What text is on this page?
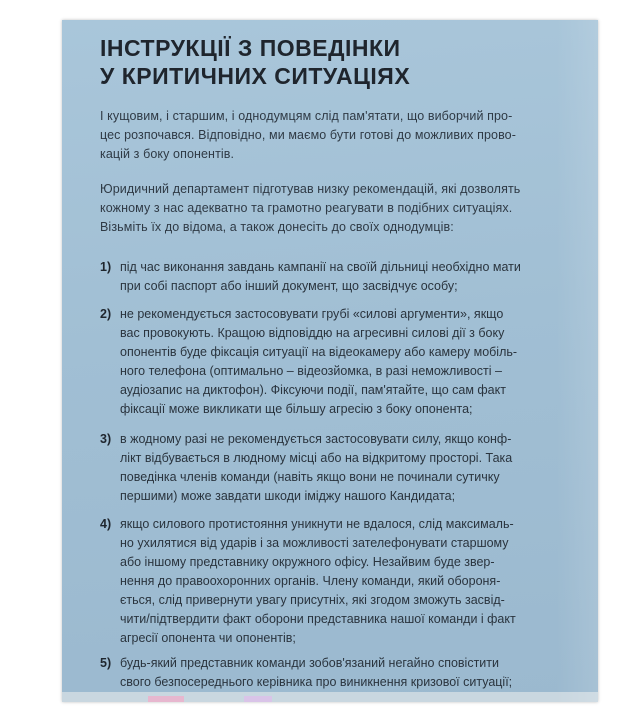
ІНСТРУКЦІЇ З ПОВЕДІНКИ
У КРИТИЧНИХ СИТУАЦІЯХ
І кущовим, і старшим, і однодумцям слід пам'ятати, що виборчий про-
цес розпочався. Відповідно, ми маємо бути готові до можливих прово-
кацій з боку опонентів.
Юридичний департамент підготував низку рекомендацій, які дозволять
кожному з нас адекватно та грамотно реагувати в подібних ситуаціях.
Візьміть їх до відома, а також донесіть до своїх однодумців:
1) під час виконання завдань кампанії на своїй дільниці необхідно мати
при собі паспорт або інший документ, що засвідчує особу;
2) не рекомендується застосовувати грубі «силові аргументи», якщо
вас провокують. Кращою відповіддю на агресивні силові дії з боку
опонентів буде фіксація ситуації на відеокамеру або камеру мобіль-
ного телефона (оптимально – відеозйомка, в разі неможливості –
аудіозапис на диктофон). Фіксуючи події, пам'ятайте, що сам факт
фіксації може викликати ще більшу агресію з боку опонента;
3) в жодному разі не рекомендується застосовувати силу, якщо конф-
лікт відбувається в людному місці або на відкритому просторі. Така
поведінка членів команди (навіть якщо вони не починали сутичку
першими) може завдати шкоди іміджу нашого Кандидата;
4) якщо силового протистояння уникнути не вдалося, слід максималь-
но ухилятися від ударів і за можливості зателефонувати старшому
або іншому представнику окружного офісу. Незайвим буде звер-
нення до правоохоронних органів. Члену команди, який обороня-
ється, слід привернути увагу присутніх, які згодом зможуть засвід-
чити/підтвердити факт оборони представника нашої команди і факт
агресії опонента чи опонентів;
5) будь-який представник команди зобов'язаний негайно сповістити
свого безпосереднього керівника про виникнення кризової ситуації;
